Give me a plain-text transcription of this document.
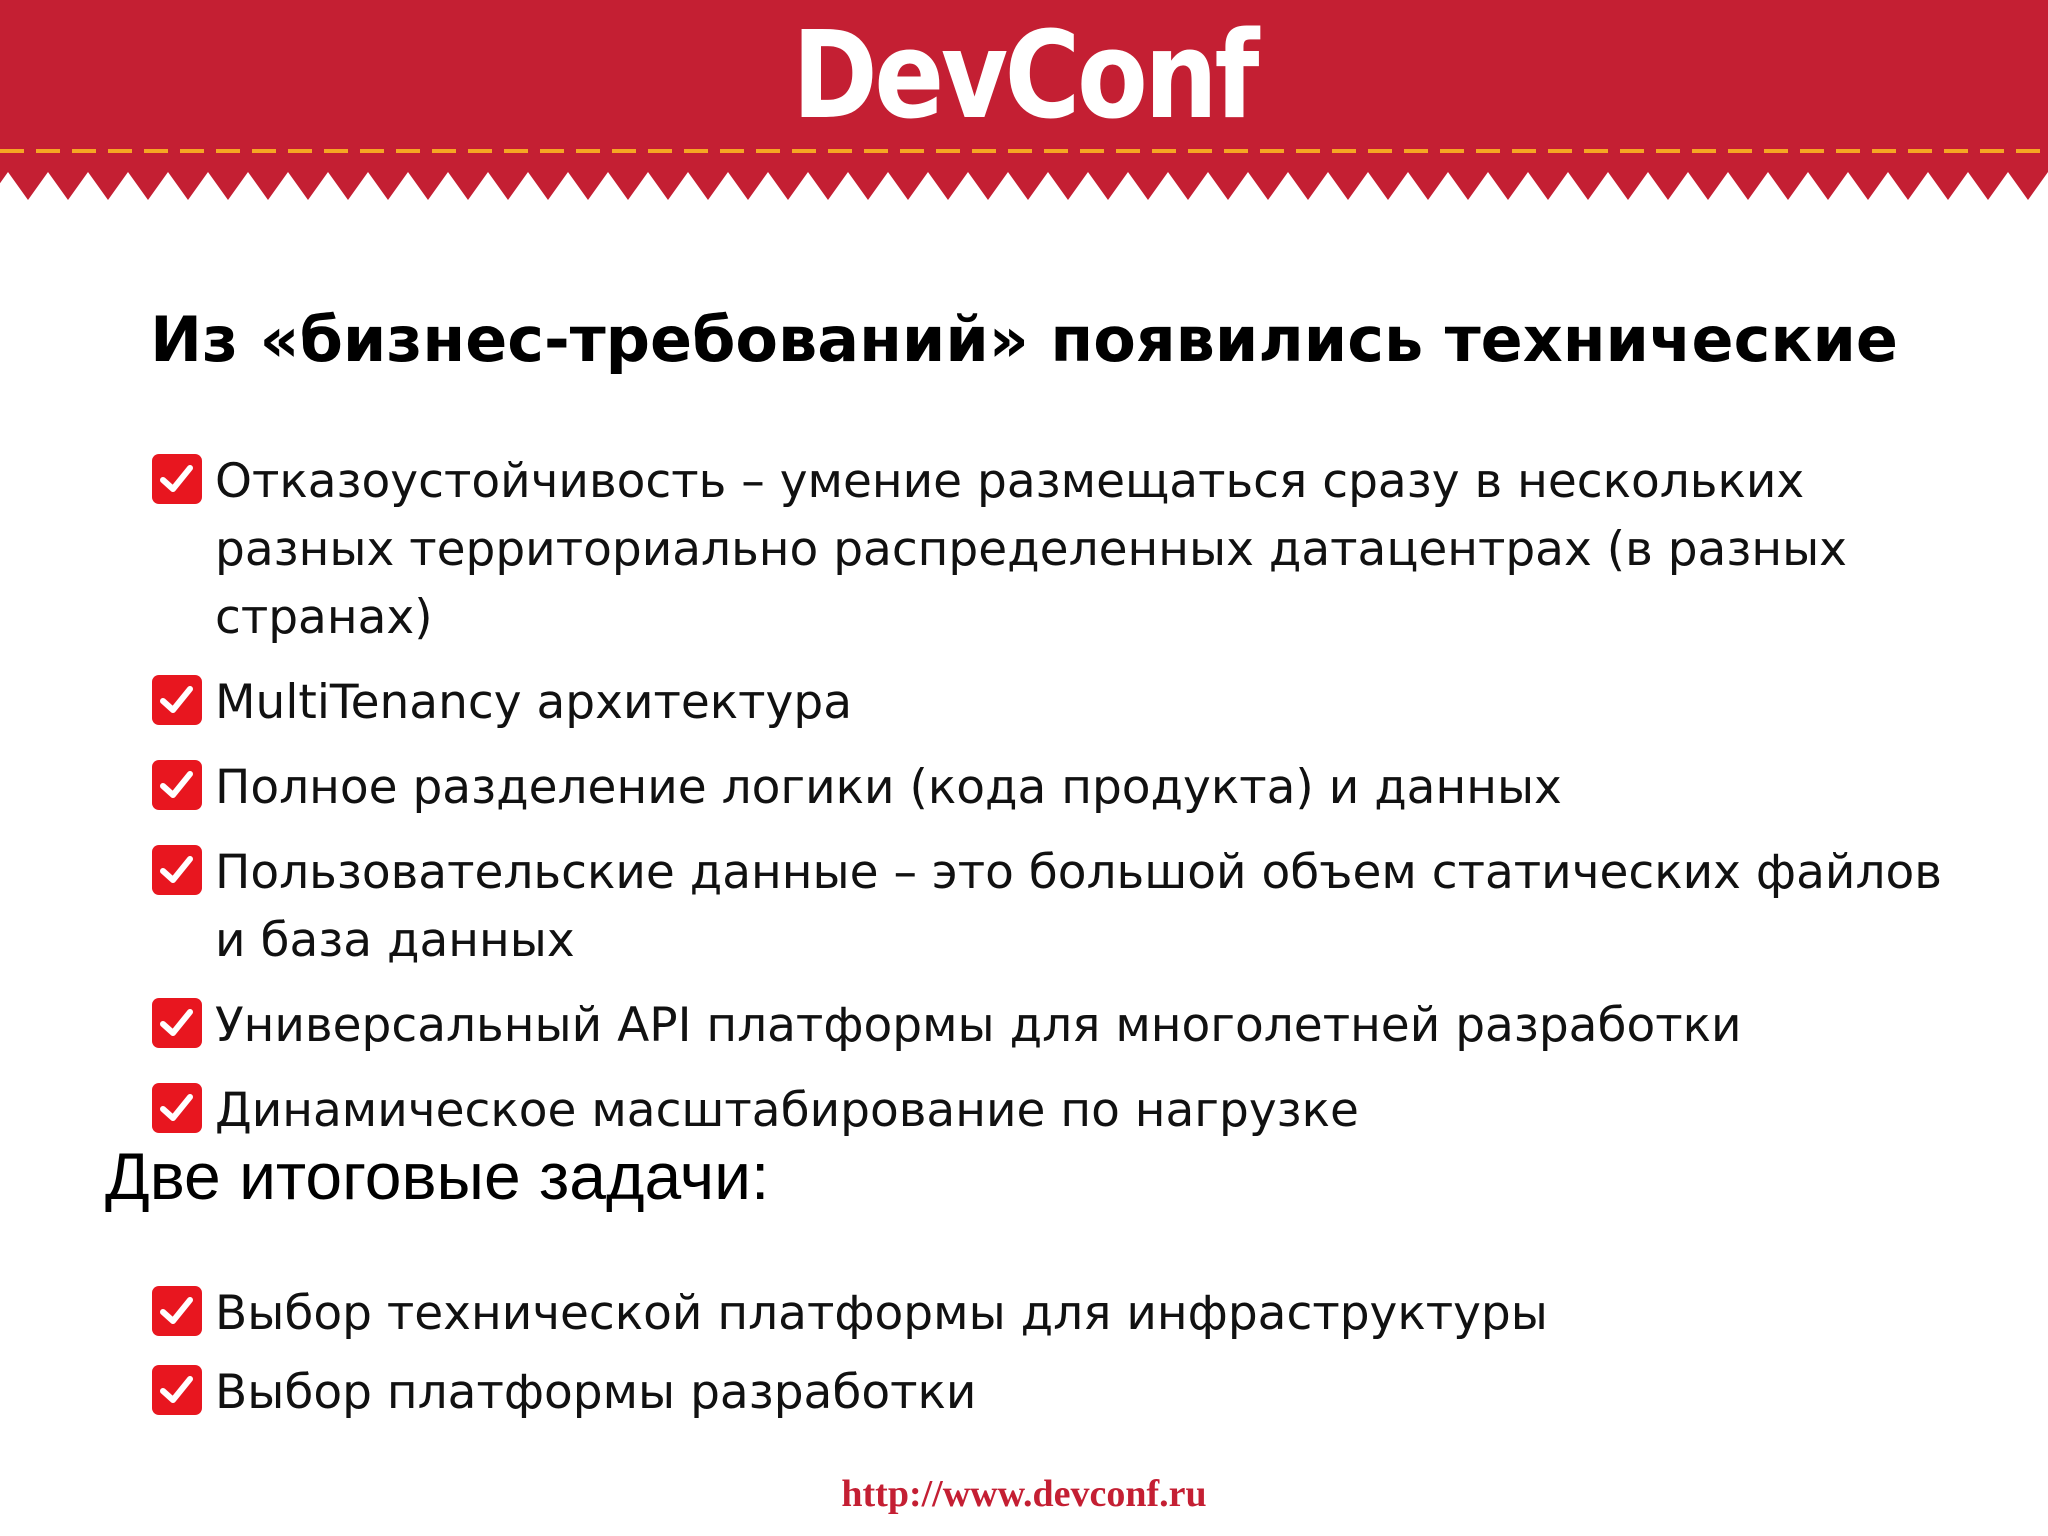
DevConf
Из «бизнес-требований» появились технические
Отказоустойчивость – умение размещаться сразу в нескольких разных территориально распределенных датацентрах (в разных странах)
MultiTenancy архитектура
Полное разделение логики (кода продукта) и данных
Пользовательские данные – это большой объем статических файлов и база данных
Универсальный API платформы для многолетней разработки
Динамическое масштабирование по нагрузке
Две итоговые задачи:
Выбор технической платформы для инфраструктуры
Выбор платформы разработки
http://www.devconf.ru
